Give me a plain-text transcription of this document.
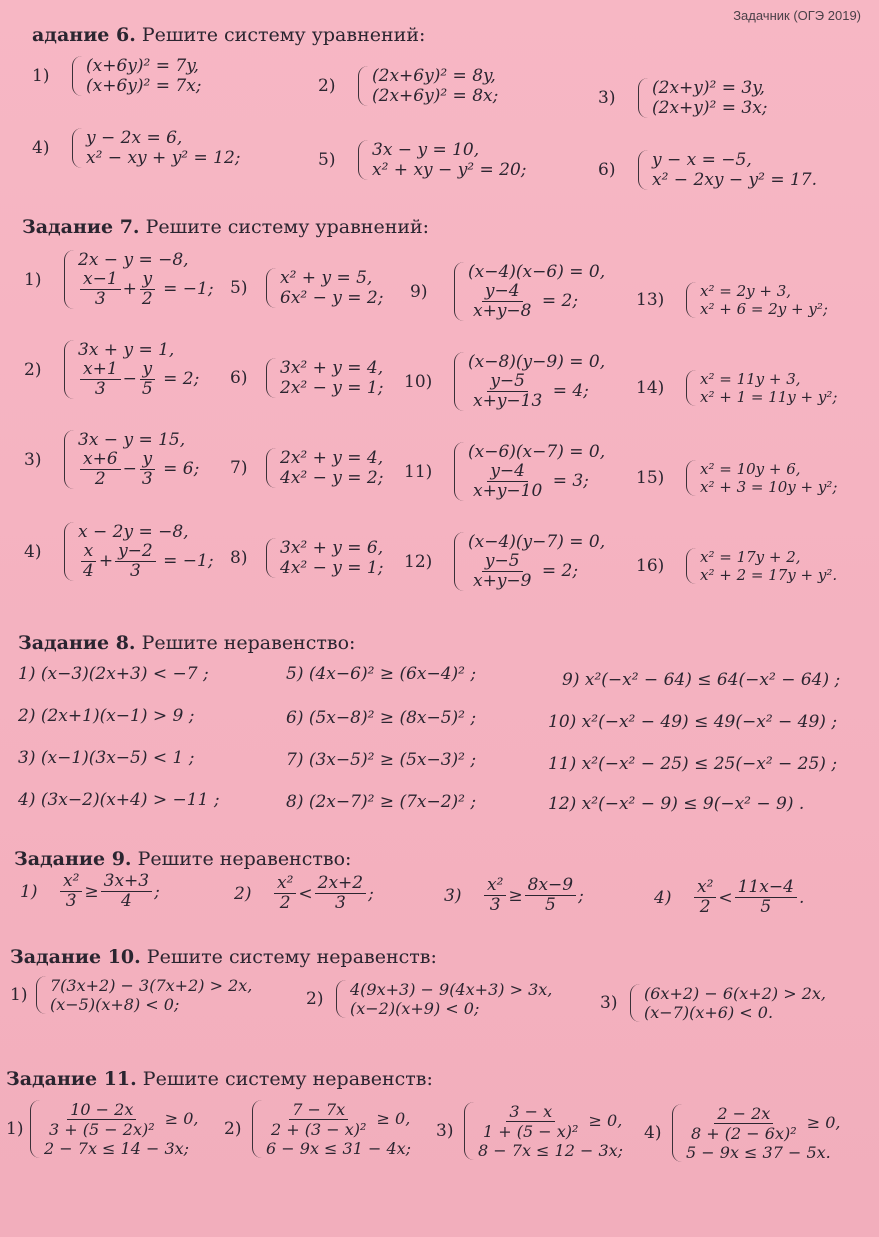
Задачник (ОГЭ 2019)
адание 6. Решите систему уравнений:
1)	(x+6y)² = 7y,
(x+6y)² = 7x;	2)	(2x+6y)² = 8y,
(2x+6y)² = 8x;	3)	(2x+y)² = 3y,
(2x+y)² = 3x;
4)	y − 2x = 6,
x² − xy + y² = 12;	5)	3x − y = 10,
x² + xy − y² = 20;	6)	y − x = −5,
x² − 2xy − y² = 17.
Задание 7. Решите систему уравнений:
1)
2x − y = −8,
$\frac{x-1}{3} + \frac{y}{2} = -1$;
2)
3x + y = 1,
$\frac{x+1}{3} - \frac{y}{5} = 2$;
3)
3x − y = 15,
$\frac{x+6}{2} - \frac{y}{3} = 6$;
4)
x − 2y = −8,
$\frac{x}{4} + \frac{y-2}{3} = -1$;
5)	x² + y = 5,
6x² − y = 2;
6)	3x² + y = 4,
2x² − y = 1;
7)	2x² + y = 4,
4x² − y = 2;
8)	3x² + y = 6,
4x² − y = 1;
9)
(x−4)(x−6) = 0,
$\frac{y-4}{x+y-8} = 2$;
10)
(x−8)(y−9) = 0,
$\frac{y-5}{x+y-13} = 4$;
11)
(x−6)(x−7) = 0,
$\frac{y-4}{x+y-10} = 3$;
12)
(x−4)(y−7) = 0,
$\frac{y-5}{x+y-9} = 2$;
13)	x² = 2y + 3,
x² + 6 = 2y + y²;
14)	x² = 11y + 3,
x² + 1 = 11y + y²;
15)	x² = 10y + 6,
x² + 3 = 10y + y²;
16)	x² = 17y + 2,
x² + 2 = 17y + y².
Задание 8. Решите неравенство:
1) (x−3)(2x+3) < −7 ;	5) (4x−6)² ≥ (6x−4)² ;	9) x²(−x² − 64) ≤ 64(−x² − 64) ;
2) (2x+1)(x−1) > 9 ;	6) (5x−8)² ≥ (8x−5)² ;	10) x²(−x² − 49) ≤ 49(−x² − 49) ;
3) (x−1)(3x−5) < 1 ;	7) (3x−5)² ≥ (5x−3)² ;	11) x²(−x² − 25) ≤ 25(−x² − 25) ;
4) (3x−2)(x+4) > −11 ;	8) (2x−7)² ≥ (7x−2)² ;	12) x²(−x² − 9) ≤ 9(−x² − 9) .
Задание 9. Решите неравенство:
1)	$\frac{\text{x²}}{3} \ge \frac{3x+3}{4}$ ;	2)	$\frac{\text{x²}}{2} < \frac{2x+2}{3}$ ;	3)	$\frac{\text{x²}}{3} \ge \frac{8x-9}{5}$ ;	4)	$\frac{\text{x²}}{2} < \frac{11x-4}{5}$ .
Задание 10. Решите систему неравенств:
1)	7(3x+2) − 3(7x+2) > 2x,
(x−5)(x+8) < 0;	2)	4(9x+3) − 9(4x+3) > 3x,
(x−2)(x+9) < 0;	3)	(6x+2) − 6(x+2) > 2x,
(x−7)(x+6) < 0.
Задание 11. Решите систему неравенств:
1)	$\frac{10 - 2x}{\text{3 + (5 − 2x)²}} \ge 0$,
2 − 7x ≤ 14 − 3x;
2)	$\frac{7 - 7x}{\text{2 + (3 − x)²}} \ge 0$,
6 − 9x ≤ 31 − 4x;
3)	$\frac{3 - x}{\text{1 + (5 − x)²}} \ge 0$,
8 − 7x ≤ 12 − 3x;
4)	$\frac{2 - 2x}{\text{8 + (2 − 6x)²}} \ge 0$,
5 − 9x ≤ 37 − 5x.
